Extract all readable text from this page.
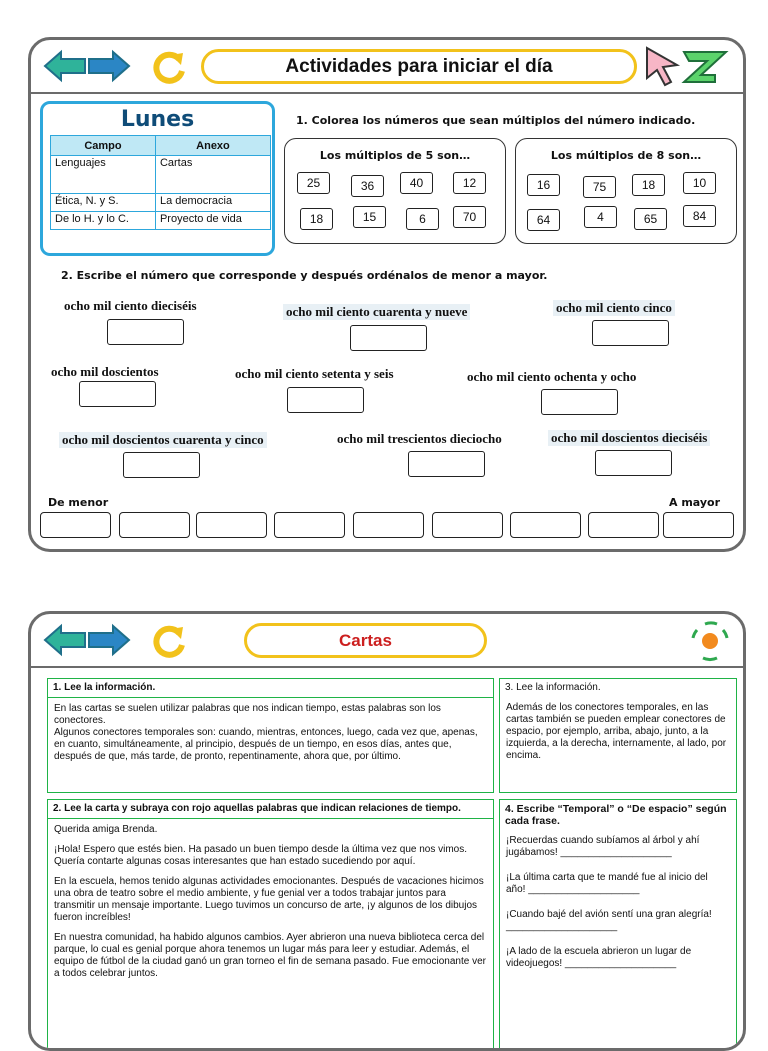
Actividades para iniciar el día
Lunes
Campo	Anexo
Lenguajes	Cartas
Ética, N. y S.	La democracia
De lo H. y lo C.	Proyecto de vida
1. Colorea los números que sean múltiplos del número indicado.
Los múltiplos de 5 son…
25	36	40	12
18	15	6	70
Los múltiplos de 8 son…
16	75	18	10
64	4	65	84
2. Escribe el número que corresponde y después ordénalos de menor a mayor.
ocho mil ciento dieciséis	ocho mil ciento cuarenta y nueve	ocho mil ciento cinco
ocho mil doscientos	ocho mil ciento setenta y seis	ocho mil ciento ochenta y ocho
ocho mil doscientos cuarenta y cinco	ocho mil trescientos dieciocho	ocho mil doscientos dieciséis
De menor	A mayor
Cartas
1. Lee la información.

En las cartas se suelen utilizar palabras que nos indican tiempo, estas palabras son los conectores.

Algunos conectores temporales son: cuando, mientras, entonces, luego, cada vez que, apenas, en cuanto, simultáneamente, al principio, después de un tiempo, en esos días, antes que, después de que, más tarde, de pronto, repentinamente, ahora que, por último.

2. Lee la carta y subraya con rojo aquellas palabras que indican relaciones de tiempo.

Querida amiga Brenda.

¡Hola! Espero que estés bien. Ha pasado un buen tiempo desde la última vez que nos vimos. Quería contarte algunas cosas interesantes que han estado sucediendo por aquí.

En la escuela, hemos tenido algunas actividades emocionantes. Después de vacaciones hicimos una obra de teatro sobre el medio ambiente, y fue genial ver a todos trabajar juntos para transmitir un mensaje importante. Luego tuvimos un concurso de arte, ¡y algunos de los dibujos fueron increíbles!

En nuestra comunidad, ha habido algunos cambios. Ayer abrieron una nueva biblioteca cerca del parque, lo cual es genial porque ahora tenemos un lugar más para leer y estudiar. Además, el equipo de fútbol de la ciudad ganó un gran torneo el fin de semana pasado. Fue emocionante ver a todos celebrar juntos.

3. Lee la información.

Además de los conectores temporales, en las cartas también se pueden emplear conectores de espacio, por ejemplo, arriba, abajo, junto, a la izquierda, a la derecha, internamente, al lado, por encima.

4. Escribe “Temporal” o “De espacio” según cada frase.

¡Recuerdas cuando subíamos al árbol y ahí jugábamos! ____________________

¡La última carta que te mandé fue al inicio del año! ____________________

¡Cuando bajé del avión sentí una gran alegría! ____________________

¡A lado de la escuela abrieron un lugar de videojuegos! ____________________
